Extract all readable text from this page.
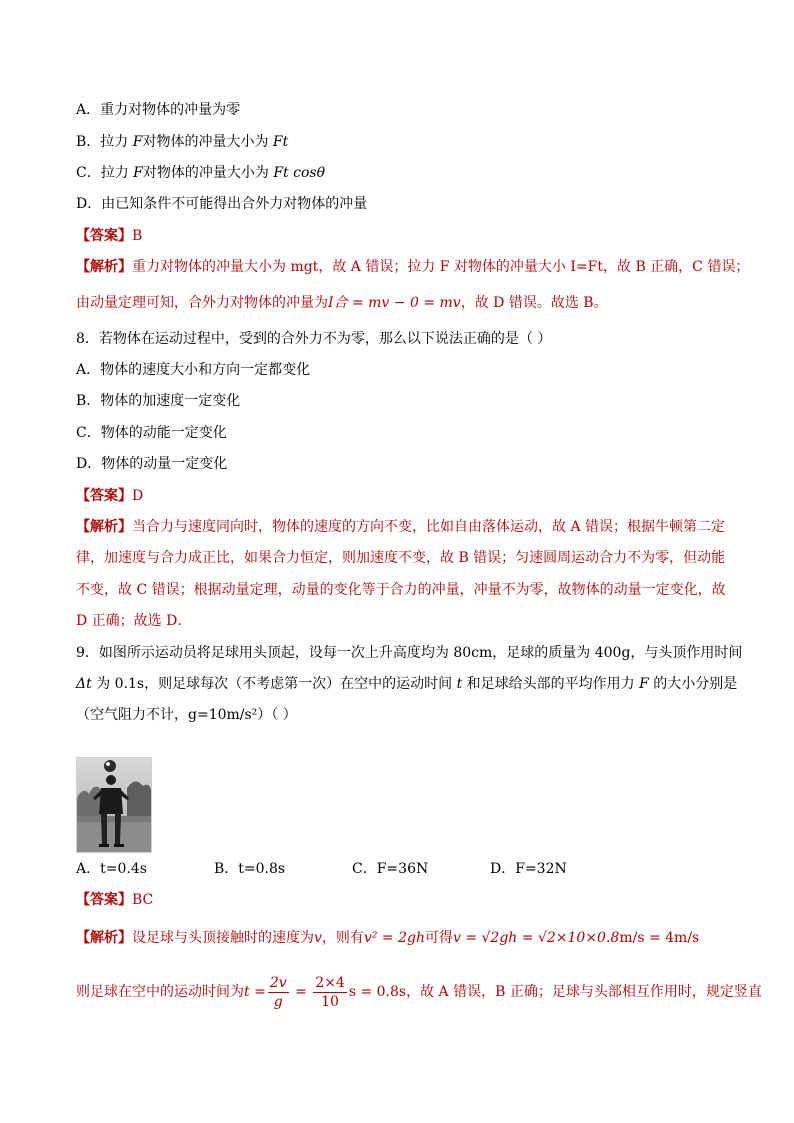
A．重力对物体的冲量为零
B．拉力 F对物体的冲量大小为 Ft
C．拉力 F对物体的冲量大小为 Ft cosθ
D．由已知条件不可能得出合外力对物体的冲量
【答案】B
【解析】重力对物体的冲量大小为 mgt，故 A 错误；拉力 F 对物体的冲量大小 I=Ft，故 B 正确，C 错误；
由动量定理可知，合外力对物体的冲量为I合 = mv − 0 = mv，故 D 错误。故选 B。
8．若物体在运动过程中，受到的合外力不为零，那么以下说法正确的是（ ）
A．物体的速度大小和方向一定都变化
B．物体的加速度一定变化
C．物体的动能一定变化
D．物体的动量一定变化
【答案】D
【解析】当合力与速度同向时，物体的速度的方向不变，比如自由落体运动，故 A 错误；根据牛顿第二定
律，加速度与合力成正比，如果合力恒定，则加速度不变，故 B 错误；匀速圆周运动合力不为零，但动能
不变，故 C 错误；根据动量定理，动量的变化等于合力的冲量，冲量不为零，故物体的动量一定变化，故
D 正确；故选 D．
9．如图所示运动员将足球用头顶起，设每一次上升高度均为 80cm，足球的质量为 400g，与头顶作用时间
Δt 为 0.1s，则足球每次（不考虑第一次）在空中的运动时间 t 和足球给头部的平均作用力 F 的大小分别是
（空气阻力不计，g=10m/s²）（ ）
A．t=0.4s	B．t=0.8s	C．F=36N	D．F=32N
【答案】BC
【解析】设足球与头顶接触时的速度为v，则有v² = 2gh可得v = √2gh = √2×10×0.8m/s = 4m/s
则足球在空中的运动时间为$t = \frac{2v}{g} = \frac{2\times 4}{10}$ s = 0.8s，故 A 错误，B 正确；足球与头部相互作用时，规定竖直
